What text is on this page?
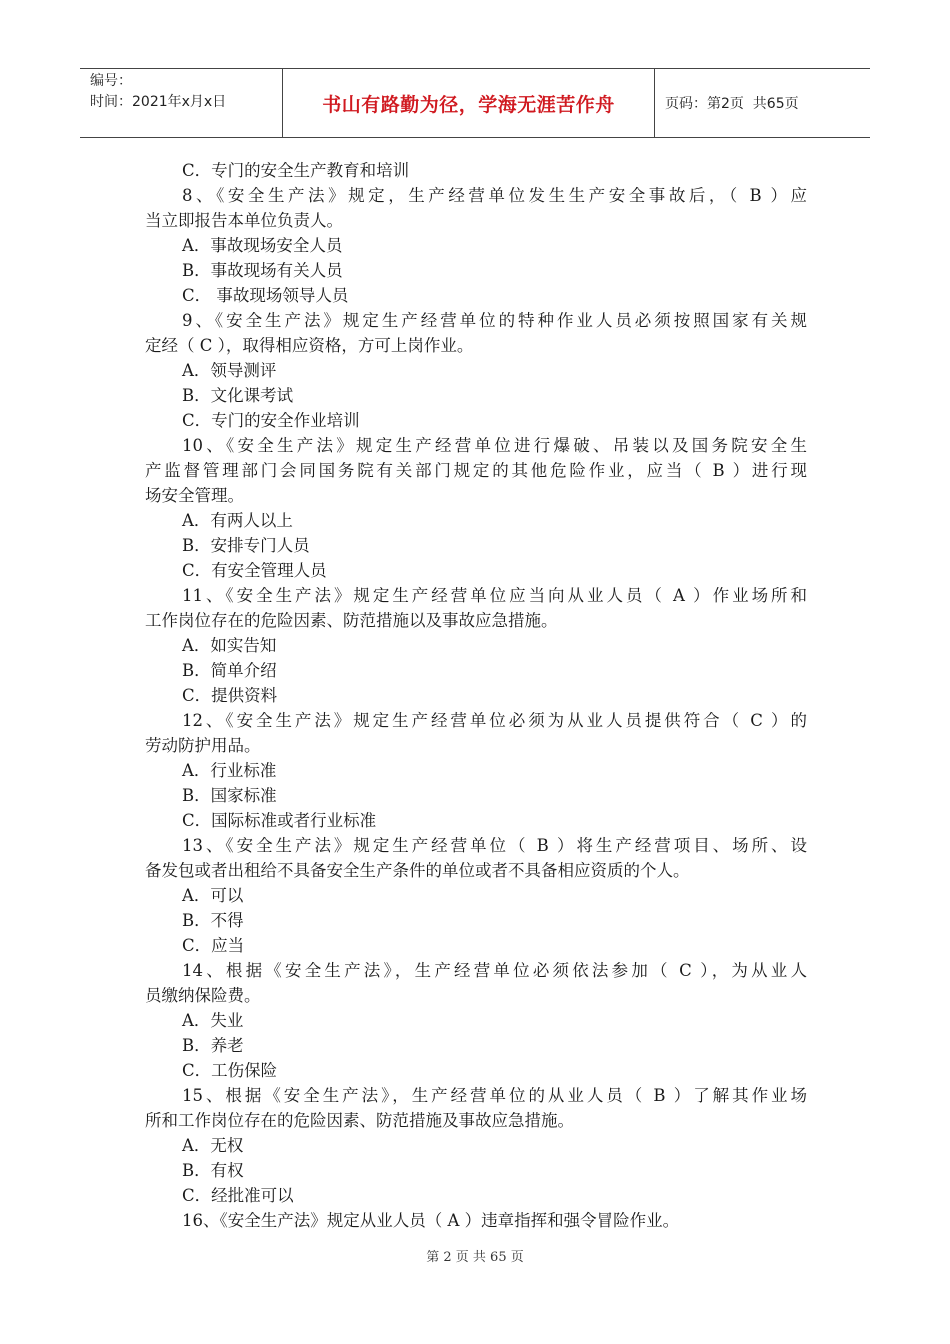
编号：
时间：2021年x月x日	书山有路勤为径，学海无涯苦作舟	页码：第2页  共65页
C．专门的安全生产教育和培训
8、《安全生产法》规定，生产经营单位发生生产安全事故后，（ B ）应
当立即报告本单位负责人。
A．事故现场安全人员
B．事故现场有关人员
C． 事故现场领导人员
9、《安全生产法》规定生产经营单位的特种作业人员必须按照国家有关规
定经（ C ），取得相应资格，方可上岗作业。
A．领导测评
B．文化课考试
C．专门的安全作业培训
10、《安全生产法》规定生产经营单位进行爆破、吊装以及国务院安全生
产监督管理部门会同国务院有关部门规定的其他危险作业，应当（ B ）进行现
场安全管理。
A．有两人以上
B．安排专门人员
C．有安全管理人员
11、《安全生产法》规定生产经营单位应当向从业人员（ A ）作业场所和
工作岗位存在的危险因素、防范措施以及事故应急措施。
A．如实告知
B．简单介绍
C．提供资料
12、《安全生产法》规定生产经营单位必须为从业人员提供符合（ C ）的
劳动防护用品。
A．行业标准
B．国家标准
C．国际标准或者行业标准
13、《安全生产法》规定生产经营单位（ B ）将生产经营项目、场所、设
备发包或者出租给不具备安全生产条件的单位或者不具备相应资质的个人。
A．可以
B．不得
C．应当
14、根据《安全生产法》，生产经营单位必须依法参加（ C ），为从业人
员缴纳保险费。
A．失业
B．养老
C．工伤保险
15、根据《安全生产法》，生产经营单位的从业人员（ B ）了解其作业场
所和工作岗位存在的危险因素、防范措施及事故应急措施。
A．无权
B．有权
C．经批准可以
16、《安全生产法》规定从业人员（ A ）违章指挥和强令冒险作业。
第 2 页 共 65 页
